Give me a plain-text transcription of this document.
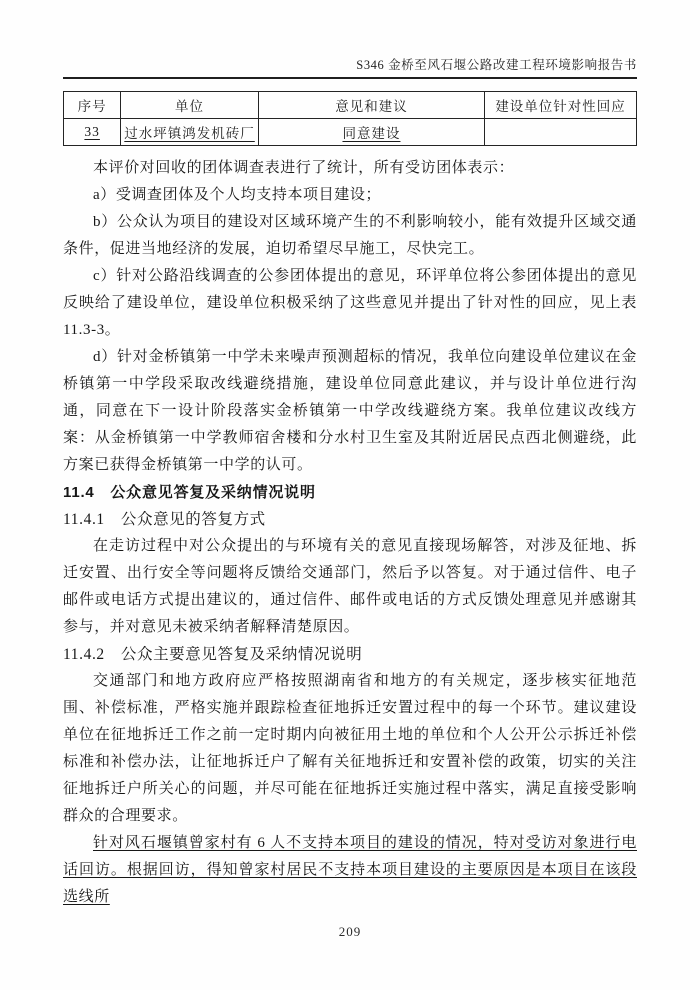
S346 金桥至风石堰公路改建工程环境影响报告书
序号	单位	意见和建议	建设单位针对性回应
33	过水坪镇鸿发机砖厂	同意建设	

本评价对回收的团体调查表进行了统计，所有受访团体表示：

a）受调查团体及个人均支持本项目建设；

b）公众认为项目的建设对区域环境产生的不利影响较小，能有效提升区域交通条件，促进当地经济的发展，迫切希望尽早施工，尽快完工。

c）针对公路沿线调查的公参团体提出的意见，环评单位将公参团体提出的意见反映给了建设单位，建设单位积极采纳了这些意见并提出了针对性的回应，见上表 11.3-3。

d）针对金桥镇第一中学未来噪声预测超标的情况，我单位向建设单位建议在金桥镇第一中学段采取改线避绕措施，建设单位同意此建议，并与设计单位进行沟通，同意在下一设计阶段落实金桥镇第一中学改线避绕方案。我单位建议改线方案：从金桥镇第一中学教师宿舍楼和分水村卫生室及其附近居民点西北侧避绕，此方案已获得金桥镇第一中学的认可。

11.4　公众意见答复及采纳情况说明
11.4.1　公众意见的答复方式

在走访过程中对公众提出的与环境有关的意见直接现场解答，对涉及征地、拆迁安置、出行安全等问题将反馈给交通部门，然后予以答复。对于通过信件、电子邮件或电话方式提出建议的，通过信件、邮件或电话的方式反馈处理意见并感谢其参与，并对意见未被采纳者解释清楚原因。

11.4.2　公众主要意见答复及采纳情况说明

交通部门和地方政府应严格按照湖南省和地方的有关规定，逐步核实征地范围、补偿标准，严格实施并跟踪检查征地拆迁安置过程中的每一个环节。建议建设单位在征地拆迁工作之前一定时期内向被征用土地的单位和个人公开公示拆迁补偿标准和补偿办法，让征地拆迁户了解有关征地拆迁和安置补偿的政策，切实的关注征地拆迁户所关心的问题，并尽可能在征地拆迁实施过程中落实，满足直接受影响群众的合理要求。

针对风石堰镇曾家村有 6 人不支持本项目的建设的情况，特对受访对象进行电话回访。根据回访，得知曾家村居民不支持本项目建设的主要原因是本项目在该段选线所

209
